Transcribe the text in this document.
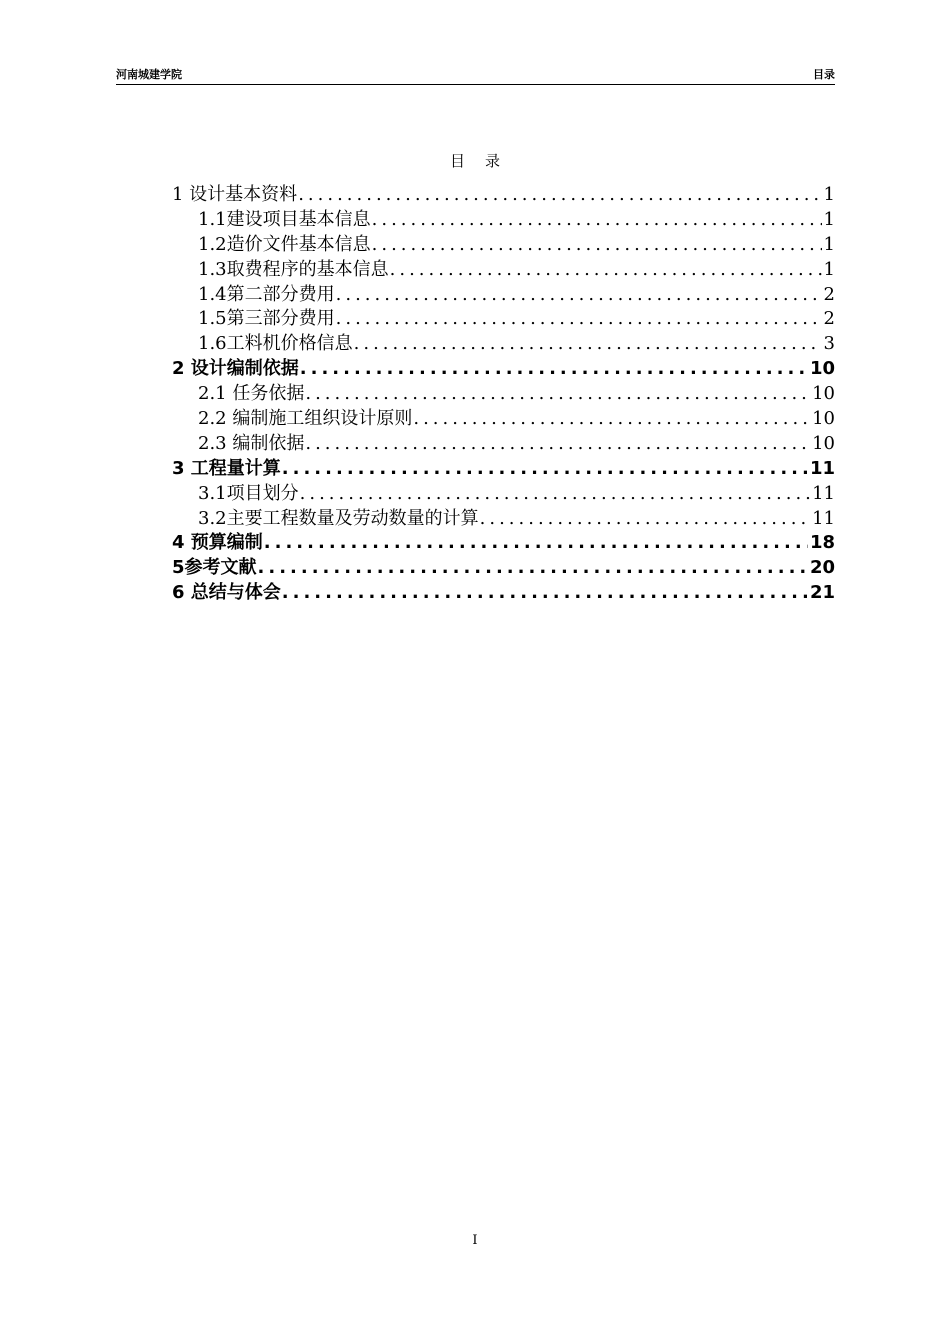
河南城建学院	目录
目录
1 设计基本资料 .....	1
1.1建设项目基本信息 .....	1
1.2造价文件基本信息 .....	1
1.3取费程序的基本信息 .....	1
1.4第二部分费用 .....	2
1.5第三部分费用 .....	2
1.6工料机价格信息 .....	3
2 设计编制依据 .....	10
2.1 任务依据 .....	10
2.2 编制施工组织设计原则 .....	10
2.3 编制依据 .....	10
3 工程量计算 .....	11
3.1项目划分 .....	11
3.2主要工程数量及劳动数量的计算 .....	11
4 预算编制 .....	18
5参考文献 .....	20
6 总结与体会 .....	21
I
